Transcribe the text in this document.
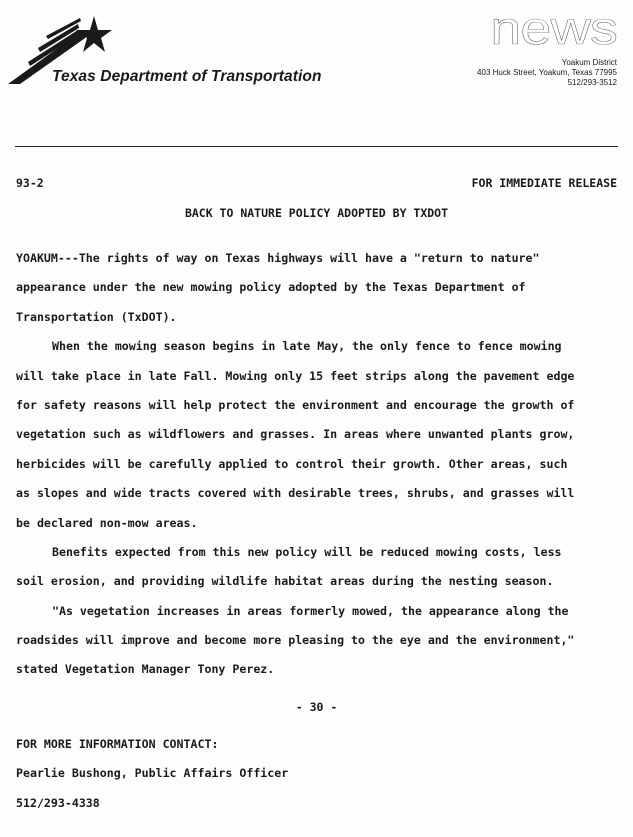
Texas Department of Transportation
news
Yoakum District
403 Huck Street, Yoakum, Texas 77995
512/293-3512
93-2	FOR IMMEDIATE RELEASE
BACK TO NATURE POLICY ADOPTED BY TXDOT
YOAKUM---The rights of way on Texas highways will have a "return to nature"
appearance under the new mowing policy adopted by the Texas Department of
Transportation (TxDOT).
When the mowing season begins in late May, the only fence to fence mowing
will take place in late Fall. Mowing only 15 feet strips along the pavement edge
for safety reasons will help protect the environment and encourage the growth of
vegetation such as wildflowers and grasses. In areas where unwanted plants grow,
herbicides will be carefully applied to control their growth. Other areas, such
as slopes and wide tracts covered with desirable trees, shrubs, and grasses will
be declared non-mow areas.
Benefits expected from this new policy will be reduced mowing costs, less
soil erosion, and providing wildlife habitat areas during the nesting season.
"As vegetation increases in areas formerly mowed, the appearance along the
roadsides will improve and become more pleasing to the eye and the environment,"
stated Vegetation Manager Tony Perez.
- 30 -
FOR MORE INFORMATION CONTACT:
Pearlie Bushong, Public Affairs Officer
512/293-4338
